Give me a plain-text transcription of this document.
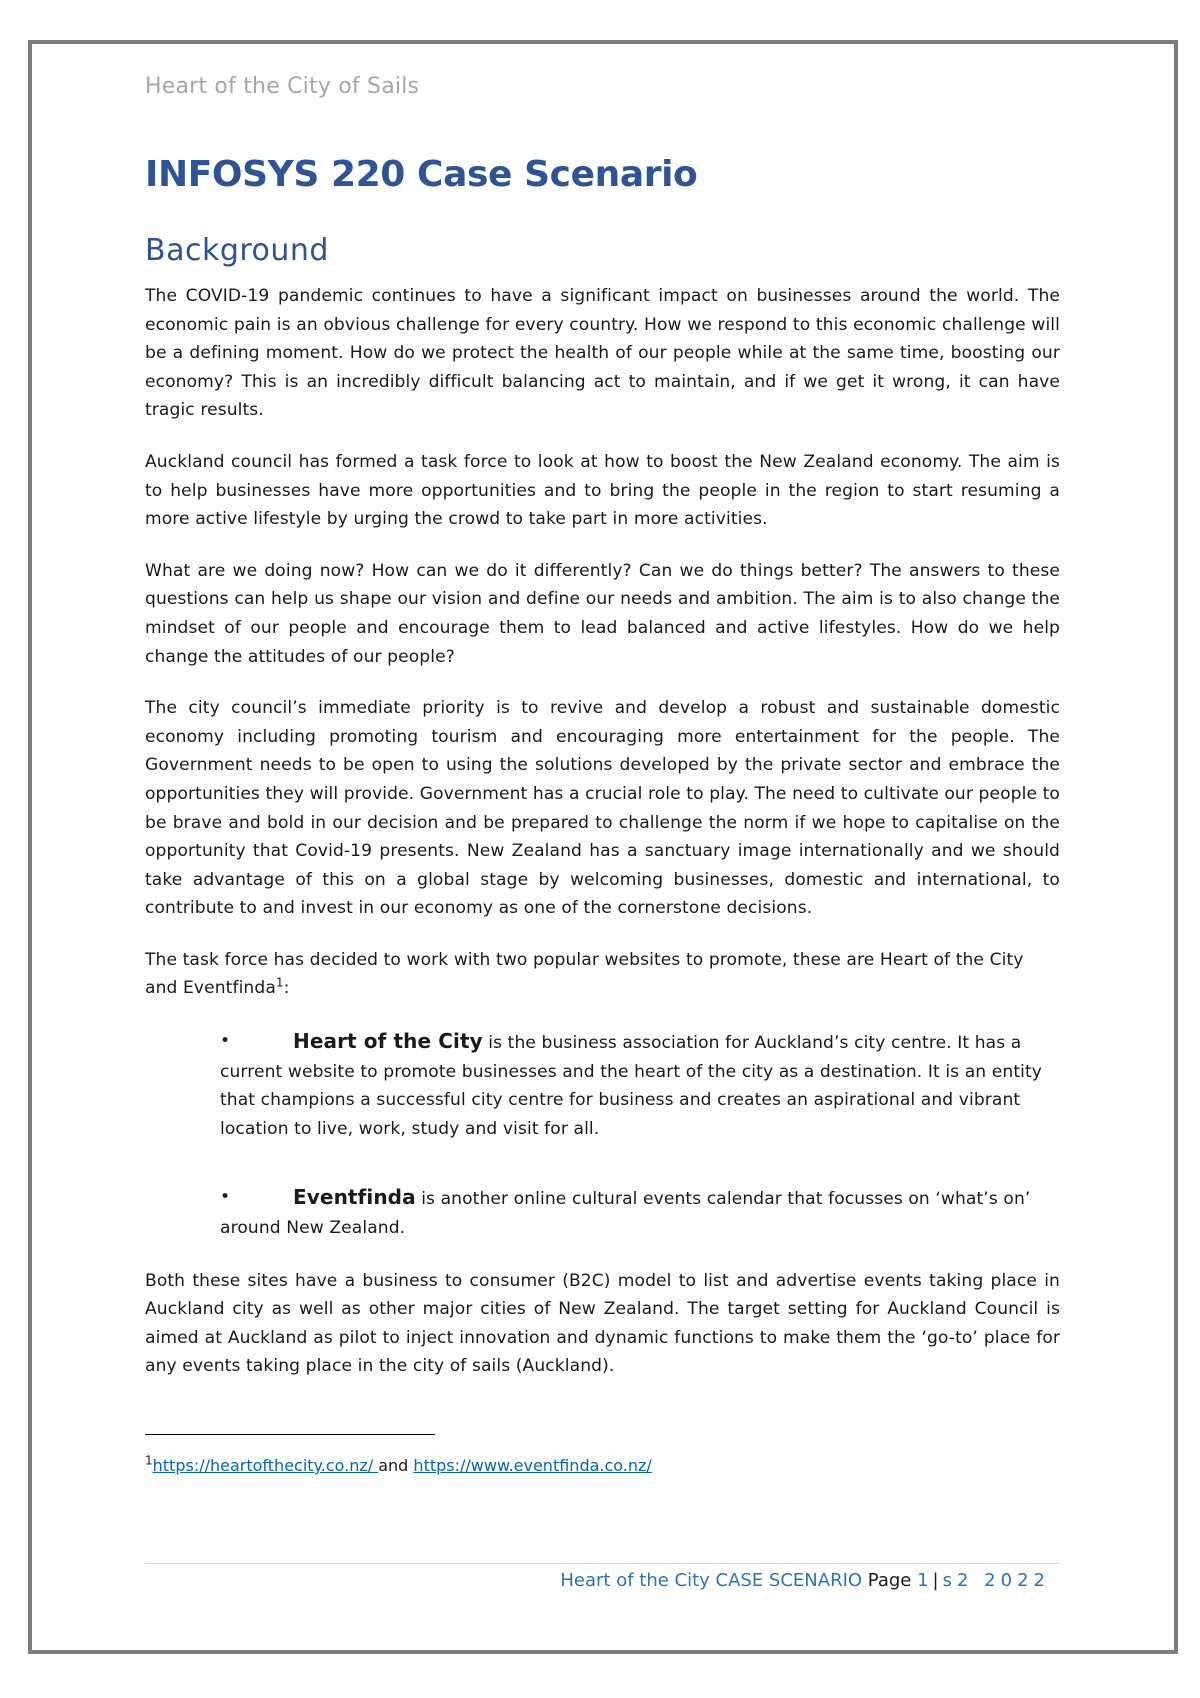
Heart of the City of Sails
INFOSYS 220 Case Scenario
Background

The COVID-19 pandemic continues to have a significant impact on businesses around the world. The economic pain is an obvious challenge for every country. How we respond to this economic challenge will be a defining moment. How do we protect the health of our people while at the same time, boosting our economy? This is an incredibly difficult balancing act to maintain, and if we get it wrong, it can have tragic results.

Auckland council has formed a task force to look at how to boost the New Zealand economy. The aim is to help businesses have more opportunities and to bring the people in the region to start resuming a more active lifestyle by urging the crowd to take part in more activities.

What are we doing now? How can we do it differently? Can we do things better? The answers to these questions can help us shape our vision and define our needs and ambition. The aim is to also change the mindset of our people and encourage them to lead balanced and active lifestyles. How do we help change the attitudes of our people?

The city council’s immediate priority is to revive and develop a robust and sustainable domestic economy including promoting tourism and encouraging more entertainment for the people. The Government needs to be open to using the solutions developed by the private sector and embrace the opportunities they will provide. Government has a crucial role to play. The need to cultivate our people to be brave and bold in our decision and be prepared to challenge the norm if we hope to capitalise on the opportunity that Covid-19 presents. New Zealand has a sanctuary image internationally and we should take advantage of this on a global stage by welcoming businesses, domestic and international, to contribute to and invest in our economy as one of the cornerstone decisions.

The task force has decided to work with two popular websites to promote, these are Heart of the City and Eventfinda$^1$:

•	Heart of the City is the business association for Auckland’s city centre. It has a current website to promote businesses and the heart of the city as a destination. It is an entity that champions a successful city centre for business and creates an aspirational and vibrant location to live, work, study and visit for all.
•	Eventfinda is another online cultural events calendar that focusses on ‘what’s on’ around New Zealand.

Both these sites have a business to consumer (B2C) model to list and advertise events taking place in Auckland city as well as other major cities of New Zealand. The target setting for Auckland Council is aimed at Auckland as pilot to inject innovation and dynamic functions to make them the ‘go-to’ place for any events taking place in the city of sails (Auckland).

$^1$https://heartofthecity.co.nz/ and https://www.eventfinda.co.nz/
Heart of the City CASE SCENARIO Page 1 | s2 2022
